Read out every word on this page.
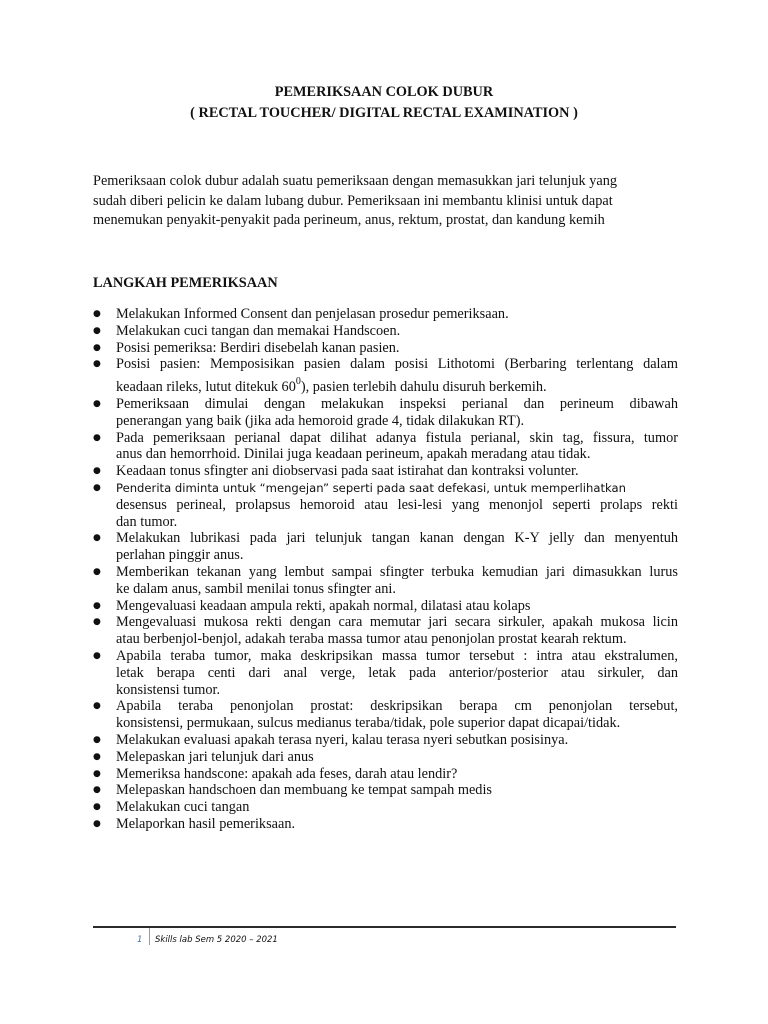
PEMERIKSAAN COLOK DUBUR
( RECTAL TOUCHER/ DIGITAL RECTAL EXAMINATION )
Pemeriksaan colok dubur adalah suatu pemeriksaan dengan memasukkan jari telunjuk yang
sudah diberi pelicin ke dalam lubang dubur. Pemeriksaan ini membantu klinisi untuk dapat
menemukan penyakit-penyakit pada perineum, anus, rektum, prostat, dan kandung kemih
LANGKAH PEMERIKSAAN
● Melakukan Informed Consent dan penjelasan prosedur pemeriksaan.
● Melakukan cuci tangan dan memakai Handscoen.
● Posisi pemeriksa: Berdiri disebelah kanan pasien.
● Posisi pasien: Memposisikan pasien dalam posisi Lithotomi (Berbaring terlentang dalam
keadaan rileks, lutut ditekuk $60^0$), pasien terlebih dahulu disuruh berkemih.
● Pemeriksaan dimulai dengan melakukan inspeksi perianal dan perineum dibawah
penerangan yang baik (jika ada hemoroid grade 4, tidak dilakukan RT).
● Pada pemeriksaan perianal dapat dilihat adanya fistula perianal, skin tag, fissura, tumor
anus dan hemorrhoid. Dinilai juga keadaan perineum, apakah meradang atau tidak.
● Keadaan tonus sfingter ani diobservasi pada saat istirahat dan kontraksi volunter.
● Penderita diminta untuk “mengejan” seperti pada saat defekasi, untuk memperlihatkan
desensus perineal, prolapsus hemoroid atau lesi-lesi yang menonjol seperti prolaps rekti
dan tumor.
● Melakukan lubrikasi pada jari telunjuk tangan kanan dengan K-Y jelly dan menyentuh
perlahan pinggir anus.
● Memberikan tekanan yang lembut sampai sfingter terbuka kemudian jari dimasukkan lurus
ke dalam anus, sambil menilai tonus sfingter ani.
● Mengevaluasi keadaan ampula rekti, apakah normal, dilatasi atau kolaps
● Mengevaluasi mukosa rekti dengan cara memutar jari secara sirkuler, apakah mukosa licin
atau berbenjol-benjol, adakah teraba massa tumor atau penonjolan prostat kearah rektum.
● Apabila teraba tumor, maka deskripsikan massa tumor tersebut : intra atau ekstralumen,
letak berapa centi dari anal verge, letak pada anterior/posterior atau sirkuler, dan
konsistensi tumor.
● Apabila teraba penonjolan prostat: deskripsikan berapa cm penonjolan tersebut,
konsistensi, permukaan, sulcus medianus teraba/tidak, pole superior dapat dicapai/tidak.
● Melakukan evaluasi apakah terasa nyeri, kalau terasa nyeri sebutkan posisinya.
● Melepaskan jari telunjuk dari anus
● Memeriksa handscone: apakah ada feses, darah atau lendir?
● Melepaskan handschoen dan membuang ke tempat sampah medis
● Melakukan cuci tangan
● Melaporkan hasil pemeriksaan.
1 Skills lab Sem 5 2020 – 2021
